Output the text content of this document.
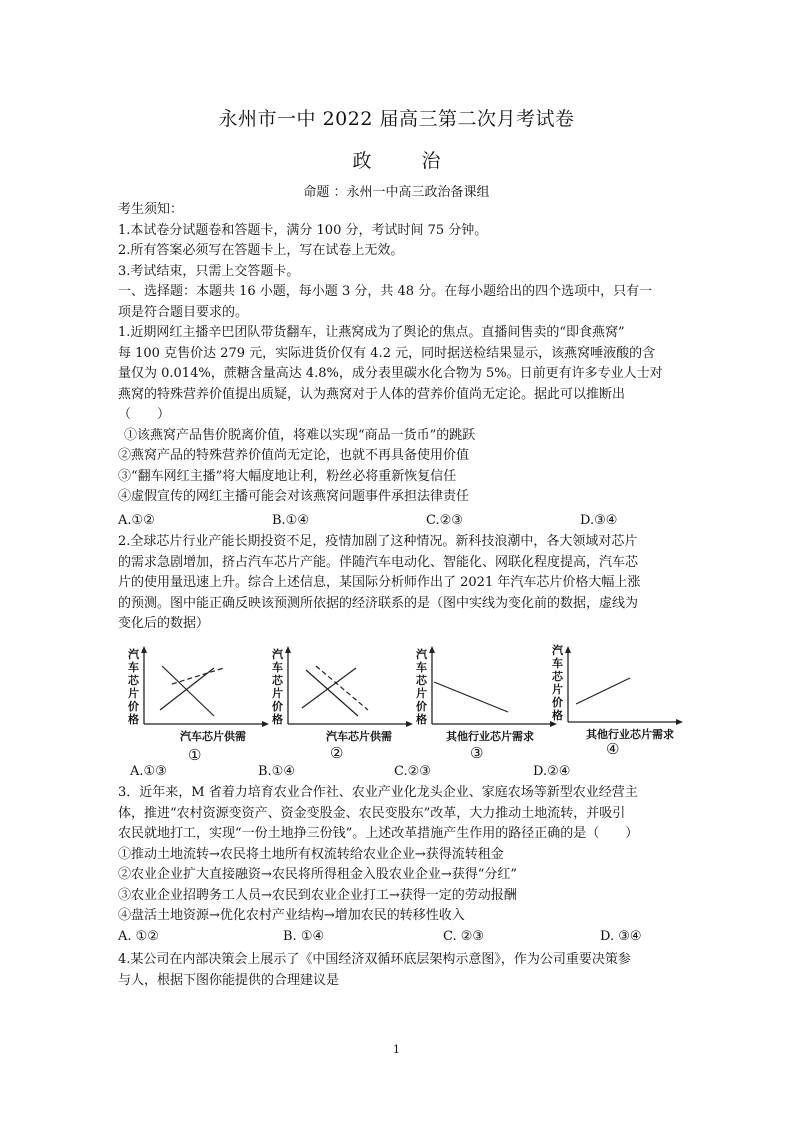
永州市一中 2022 届高三第二次月考试卷
政 治
命题 ：永州一中高三政治备课组
考生须知：
1.本试卷分试题卷和答题卡，满分 100 分，考试时间 75 分钟。
2.所有答案必须写在答题卡上，写在试卷上无效。
3.考试结束，只需上交答题卡。
一、选择题：本题共 16 小题，每小题 3 分，共 48 分。在每小题给出的四个选项中，只有一
项是符合题目要求的。
1.近期网红主播辛巴团队带货翻车，让燕窝成为了舆论的焦点。直播间售卖的“即食燕窝”
每 100 克售价达 279 元，实际进货价仅有 4.2 元，同时据送检结果显示，该燕窝唾液酸的含
量仅为 0.014%，蔗糖含量高达 4.8%，成分表里碳水化合物为 5%。日前更有许多专业人士对
燕窝的特殊营养价值提出质疑，认为燕窝对于人体的营养价值尚无定论。据此可以推断出
（　　）
①该燕窝产品售价脱离价值，将难以实现“商品一货币”的跳跃
②燕窝产品的特殊营养价值尚无定论，也就不再具备使用价值
③“翻车网红主播”将大幅度地让利，粉丝必将重新恢复信任
④虚假宣传的网红主播可能会对该燕窝问题事件承担法律责任
A.①②	B.①④	C.②③	D.③④
2.全球芯片行业产能长期投资不足，疫情加剧了这种情况。新科技浪潮中，各大领域对芯片
的需求急剧增加，挤占汽车芯片产能。伴随汽车电动化、智能化、网联化程度提高，汽车芯
片的使用量迅速上升。综合上述信息，某国际分析师作出了 2021 年汽车芯片价格大幅上涨
的预测。图中能正确反映该预测所依据的经济联系的是（图中实线为变化前的数据，虚线为
变化后的数据）
汽车芯片价格
汽车芯片供需
①
汽车芯片价格
汽车芯片供需
②
汽车芯片价格
其他行业芯片需求
③
汽车芯片价格
其他行业芯片需求
④
A.①③	B.①④	C.②③	D.②④
3．近年来，M 省着力培育农业合作社、农业产业化龙头企业、家庭农场等新型农业经营主
体，推进“农村资源变资产、资金变股金、农民变股东”改革，大力推动土地流转，并吸引
农民就地打工，实现“一份土地挣三份钱”。上述改革措施产生作用的路径正确的是（　　）
①推动土地流转→农民将土地所有权流转给农业企业→获得流转租金
②农业企业扩大直接融资→农民将所得租金入股农业企业→获得“分红”
③农业企业招聘务工人员→农民到农业企业打工→获得一定的劳动报酬
④盘活土地资源→优化农村产业结构→增加农民的转移性收入
A. ①②	B. ①④	C. ②③	D. ③④
4.某公司在内部决策会上展示了《中国经济双循环底层架构示意图》，作为公司重要决策参
与人，根据下图你能提供的合理建议是
1
